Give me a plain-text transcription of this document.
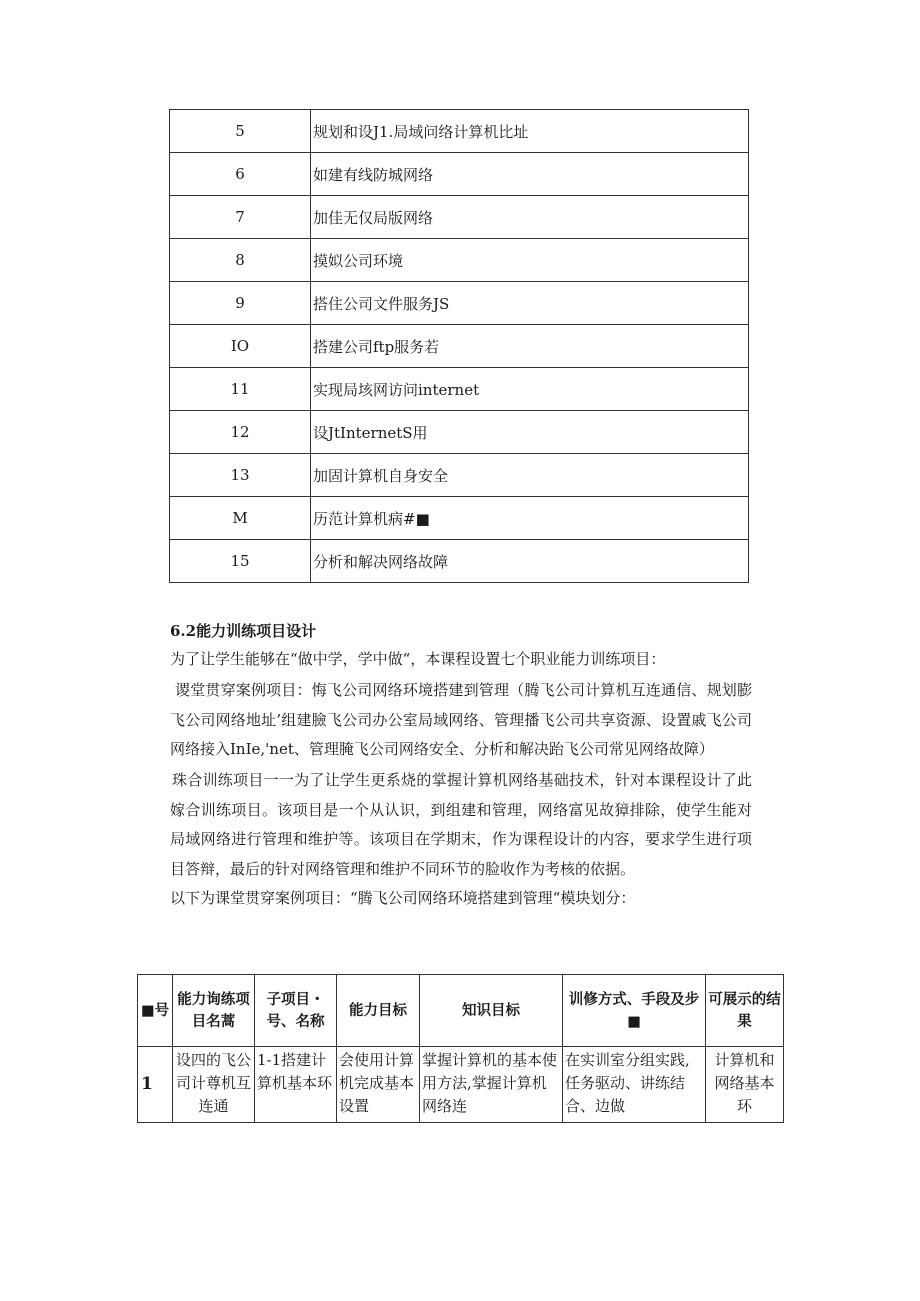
5	规划和设J1.局域问络计算机比址
6	如建有线防城网络
7	加佳无仅局版网络
8	摸姒公司环境
9	搭住公司文件服务JS
IO	搭建公司ftp服务若
11	实现局垓网访问internet
12	设JtInternetS用
13	加固计算机自身安全
M	历范计算机病#■
15	分析和解决网络故障
6.2能力训练项目设计

为了让学生能够在“做中学，学中做“，本课程设置七个职业能力训练项目：

谡堂贯穿案例项目：悔飞公司网络环境搭建到管理（腾飞公司计算机互连通信、规划膨飞公司网络地址’组建臉飞公司办公室局域网络、管理播飞公司共享资源、设置戚飞公司网络接入InIe,'net、管理腌飞公司网络安全、分析和解决跆飞公司常见网络故障）

珠合训练项目一一为了让学生更系烧的掌握计算机网络基础技术，针对本课程设计了此嫁合训练项目。该项目是一个从认识，到组建和管理，网络富见故獐排除，使学生能对局域网络进行管理和维护等。该项目在学期末，作为课程设计的内容，要求学生进行项目答辩，最后的针对网络管理和维护不同环节的脸收作为考核的依据。

以下为课堂贯穿案例项目：“腾飞公司网络环境搭建到管理“模块划分：

■号	能力询练项目名蒿	子项目・号、名称	能力目标	知识目标	训修方式、手段及步■	可展示的结果
1	设四的飞公司计尊机互连通	1-1搭建计算机基本环	会使用计算机完成基本设置	掌握计算机的基本使用方法,掌握计算机网络连	在实训室分组实践,任务驱动、讲练结合、边做	计算机和网络基本环
